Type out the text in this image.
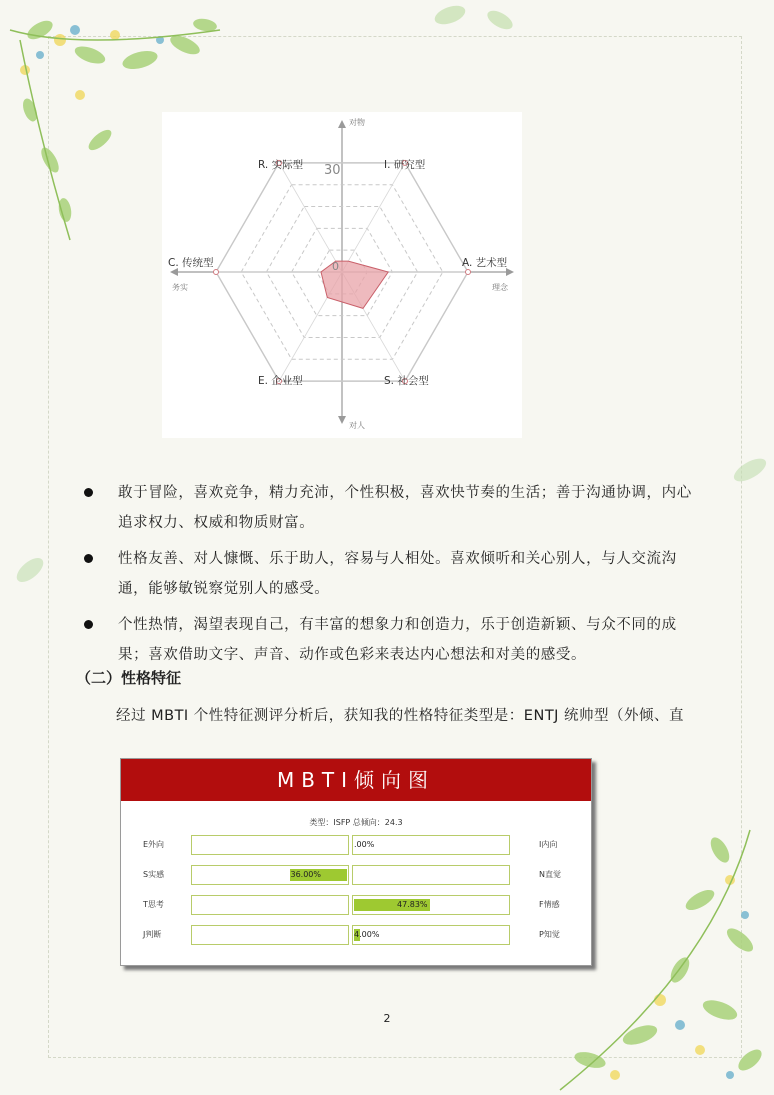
对物
对人
务实	理念
30
0
R. 实际型	I. 研究型
A. 艺术型
S. 社会型
E. 企业型
C. 传统型
敢于冒险，喜欢竞争，精力充沛，个性积极，喜欢快节奏的生活；善于沟通协调，内心追求权力、权威和物质财富。
性格友善、对人慷慨、乐于助人，容易与人相处。喜欢倾听和关心别人，与人交流沟通，能够敏锐察觉别人的感受。
个性热情，渴望表现自己，有丰富的想象力和创造力，乐于创造新颖、与众不同的成果；喜欢借助文字、声音、动作或色彩来表达内心想法和对美的感受。
（二）性格特征
经过 MBTI 个性特征测评分析后，获知我的性格特征类型是：ENTJ 统帅型（外倾、直
MBTI倾向图
类型：ISFP 总倾向：24.3
E外向	.00%	I内向
S实感	36.00%	N直觉
T思考	47.83%	F情感
J判断	4.00%	P知觉
2
